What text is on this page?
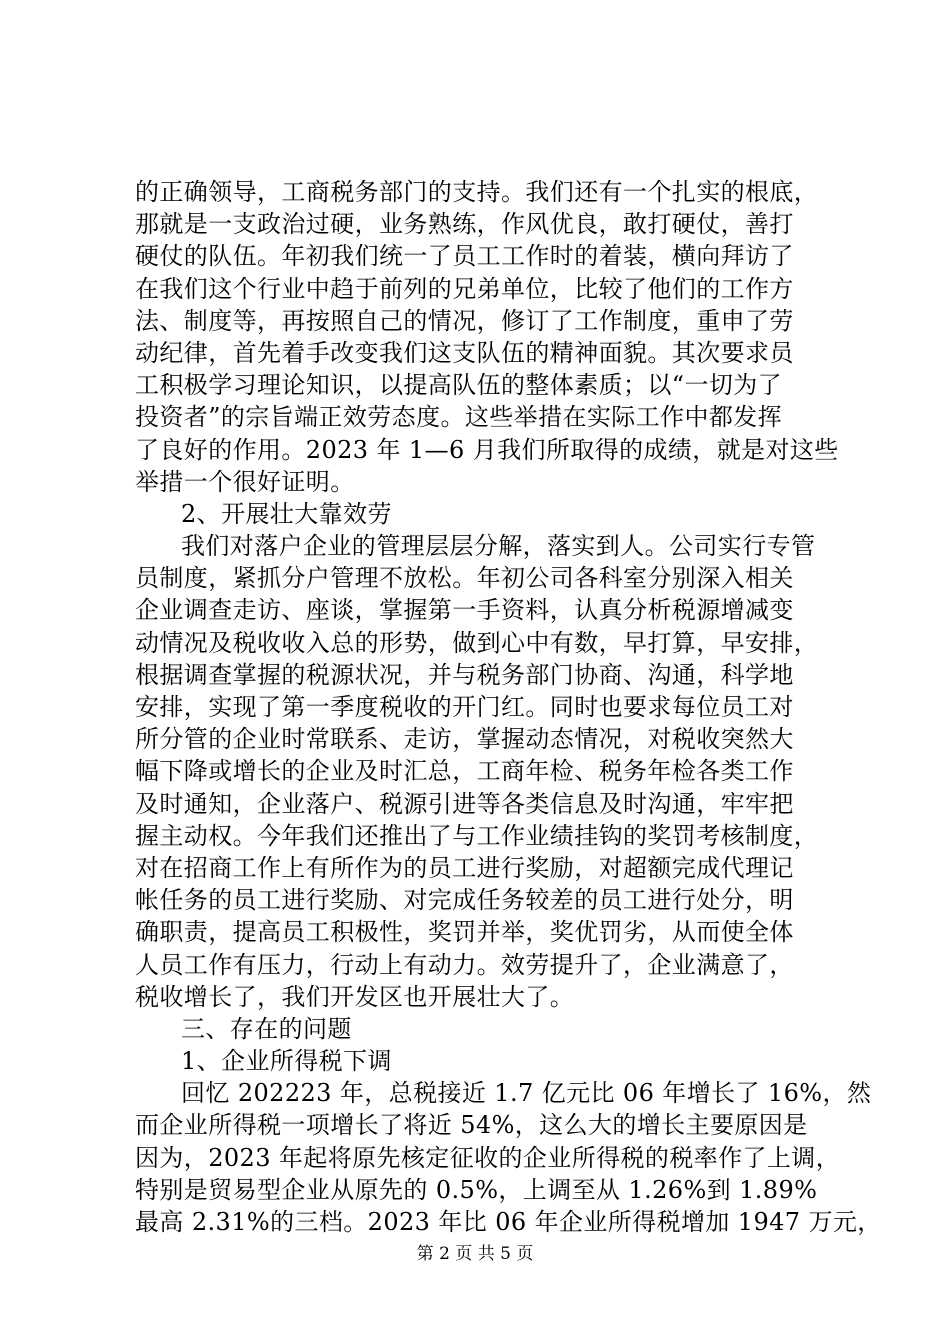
的正确领导，工商税务部门的支持。我们还有一个扎实的根底，
那就是一支政治过硬，业务熟练，作风优良，敢打硬仗，善打
硬仗的队伍。年初我们统一了员工工作时的着装，横向拜访了
在我们这个行业中趋于前列的兄弟单位，比较了他们的工作方
法、制度等，再按照自己的情况，修订了工作制度，重申了劳
动纪律，首先着手改变我们这支队伍的精神面貌。其次要求员
工积极学习理论知识，以提高队伍的整体素质；以“一切为了
投资者”的宗旨端正效劳态度。这些举措在实际工作中都发挥
了良好的作用。2023 年 1—6 月我们所取得的成绩，就是对这些
举措一个很好证明。
2、开展壮大靠效劳
我们对落户企业的管理层层分解，落实到人。公司实行专管
员制度，紧抓分户管理不放松。年初公司各科室分别深入相关
企业调查走访、座谈，掌握第一手资料，认真分析税源增减变
动情况及税收收入总的形势，做到心中有数，早打算，早安排，
根据调查掌握的税源状况，并与税务部门协商、沟通，科学地
安排，实现了第一季度税收的开门红。同时也要求每位员工对
所分管的企业时常联系、走访，掌握动态情况，对税收突然大
幅下降或增长的企业及时汇总，工商年检、税务年检各类工作
及时通知，企业落户、税源引进等各类信息及时沟通，牢牢把
握主动权。今年我们还推出了与工作业绩挂钩的奖罚考核制度，
对在招商工作上有所作为的员工进行奖励，对超额完成代理记
帐任务的员工进行奖励、对完成任务较差的员工进行处分，明
确职责，提高员工积极性，奖罚并举，奖优罚劣，从而使全体
人员工作有压力，行动上有动力。效劳提升了，企业满意了，
税收增长了，我们开发区也开展壮大了。
三、存在的问题
1、企业所得税下调
回忆 202223 年，总税接近 1.7 亿元比 06 年增长了 16%，然
而企业所得税一项增长了将近 54%，这么大的增长主要原因是
因为，2023 年起将原先核定征收的企业所得税的税率作了上调，
特别是贸易型企业从原先的 0.5%，上调至从 1.26%到 1.89%
最高 2.31%的三档。2023 年比 06 年企业所得税增加 1947 万元，
第 2 页 共 5 页
